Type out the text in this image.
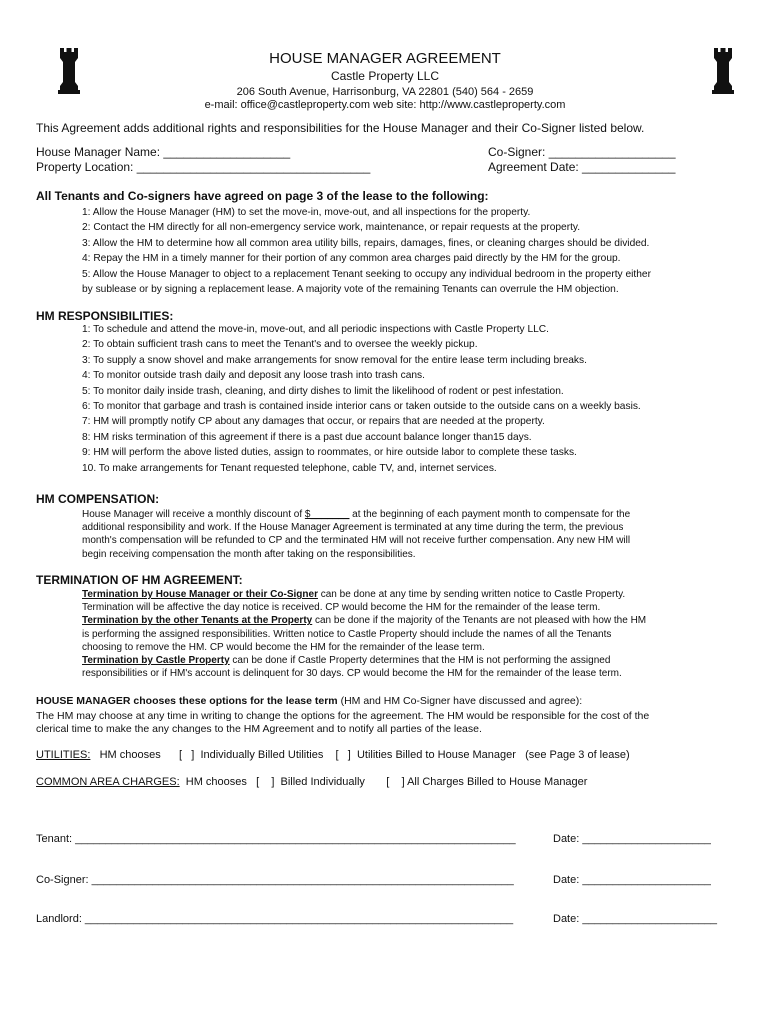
HOUSE MANAGER AGREEMENT
Castle Property LLC
206 South Avenue, Harrisonburg, VA 22801 (540) 564 - 2659
e-mail: office@castleproperty.com web site: http://www.castleproperty.com
This Agreement adds additional rights and responsibilities for the House Manager and their Co-Signer listed below.
House Manager Name: ___________________
Property Location: ___________________________________
Co-Signer: ___________________
Agreement Date: ______________
All Tenants and Co-signers have agreed on page 3 of the lease to the following:
1: Allow the House Manager (HM) to set the move-in, move-out, and all inspections for the property.
2: Contact the HM directly for all non-emergency service work, maintenance, or repair requests at the property.
3: Allow the HM to determine how all common area utility bills, repairs, damages, fines, or cleaning charges should be divided.
4: Repay the HM in a timely manner for their portion of any common area charges paid directly by the HM for the group.
5: Allow the House Manager to object to a replacement Tenant seeking to occupy any individual bedroom in the property either
by sublease or by signing a replacement lease. A majority vote of the remaining Tenants can overrule the HM objection.
HM RESPONSIBILITIES:
1: To schedule and attend the move-in, move-out, and all periodic inspections with Castle Property LLC.
2: To obtain sufficient trash cans to meet the Tenant's and to oversee the weekly pickup.
3: To supply a snow shovel and make arrangements for snow removal for the entire lease term including breaks.
4: To monitor outside trash daily and deposit any loose trash into trash cans.
5: To monitor daily inside trash, cleaning, and dirty dishes to limit the likelihood of rodent or pest infestation.
6: To monitor that garbage and trash is contained inside interior cans or taken outside to the outside cans on a weekly basis.
7: HM will promptly notify CP about any damages that occur, or repairs that are needed at the property.
8: HM risks termination of this agreement if there is a past due account balance longer than15 days.
9: HM will perform the above listed duties, assign to roommates, or hire outside labor to complete these tasks.
10. To make arrangements for Tenant requested telephone, cable TV, and, internet services.
HM COMPENSATION:
House Manager will receive a monthly discount of $_______ at the beginning of each payment month to compensate for the
additional responsibility and work. If the House Manager Agreement is terminated at any time during the term, the previous
month's compensation will be refunded to CP and the terminated HM will not receive further compensation. Any new HM will
begin receiving compensation the month after taking on the responsibilities.
TERMINATION OF HM AGREEMENT:
Termination by House Manager or their Co-Signer can be done at any time by sending written notice to Castle Property.
Termination will be affective the day notice is received. CP would become the HM for the remainder of the lease term.
Termination by the other Tenants at the Property can be done if the majority of the Tenants are not pleased with how the HM
is performing the assigned responsibilities. Written notice to Castle Property should include the names of all the Tenants
choosing to remove the HM. CP would become the HM for the remainder of the lease term.
Termination by Castle Property can be done if Castle Property determines that the HM is not performing the assigned
responsibilities or if HM's account is delinquent for 30 days. CP would become the HM for the remainder of the lease term.
HOUSE MANAGER chooses these options for the lease term (HM and HM Co-Signer have discussed and agree):
The HM may choose at any time in writing to change the options for the agreement. The HM would be responsible for the cost of the
clerical time to make the any changes to the HM Agreement and to notify all parties of the lease.
UTILITIES: HM chooses      [   ]  Individually Billed Utilities    [   ]  Utilities Billed to House Manager   (see Page 3 of lease)
COMMON AREA CHARGES: HM chooses   [    ]  Billed Individually       [    ] All Charges Billed to House Manager
Tenant: ________________________________________________________________________	Date: _____________________
Co-Signer: _____________________________________________________________________	Date: _____________________
Landlord: ______________________________________________________________________	Date: ______________________
